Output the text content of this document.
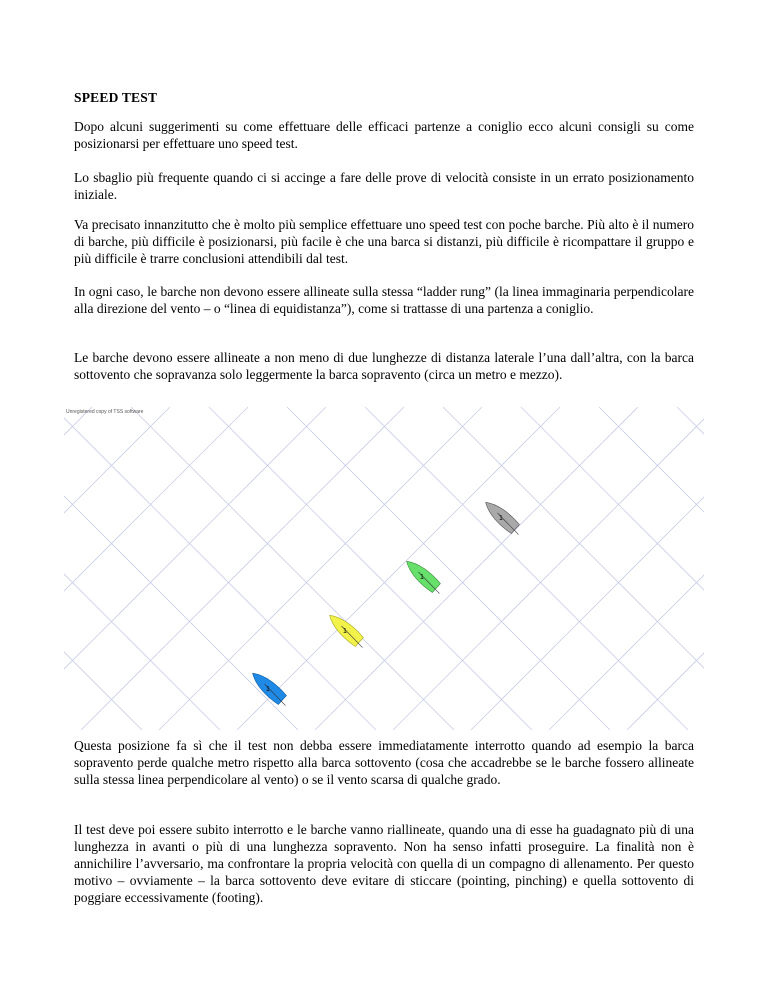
SPEED TEST

Dopo alcuni suggerimenti su come effettuare delle efficaci partenze a coniglio ecco alcuni consigli su come posizionarsi per effettuare uno speed test.

Lo sbaglio più frequente quando ci si accinge a fare delle prove di velocità consiste in un errato posizionamento iniziale.

Va precisato innanzitutto che è molto più semplice effettuare uno speed test con poche barche. Più alto è il numero di barche, più difficile è posizionarsi, più facile è che una barca si distanzi, più difficile è ricompattare il gruppo e più difficile è trarre conclusioni attendibili dal test.

In ogni caso, le barche non devono essere allineate sulla stessa “ladder rung” (la linea immaginaria perpendicolare alla direzione del vento – o “linea di equidistanza”), come si trattasse di una partenza a coniglio.

Le barche devono essere allineate a non meno di due lunghezze di distanza laterale l’una dall’altra, con la barca sottovento che sopravanza solo leggermente la barca sopravento (circa un metro e mezzo).

Questa posizione fa sì che il test non debba essere immediatamente interrotto quando ad esempio la barca sopravento perde qualche metro rispetto alla barca sottovento (cosa che accadrebbe se le barche fossero allineate sulla stessa linea perpendicolare al vento) o se il vento scarsa di qualche grado.

Il test deve poi essere subito interrotto e le barche vanno riallineate, quando una di esse ha guadagnato più di una lunghezza in avanti o più di una lunghezza sopravento. Non ha senso infatti proseguire. La finalità non è annichilire l’avversario, ma confrontare la propria velocità con quella di un compagno di allenamento. Per questo motivo – ovviamente – la barca sottovento deve evitare di sticcare (pointing, pinching) e quella sottovento di poggiare eccessivamente (footing).

Unregistered copy of TSS software
1
1
1
1
